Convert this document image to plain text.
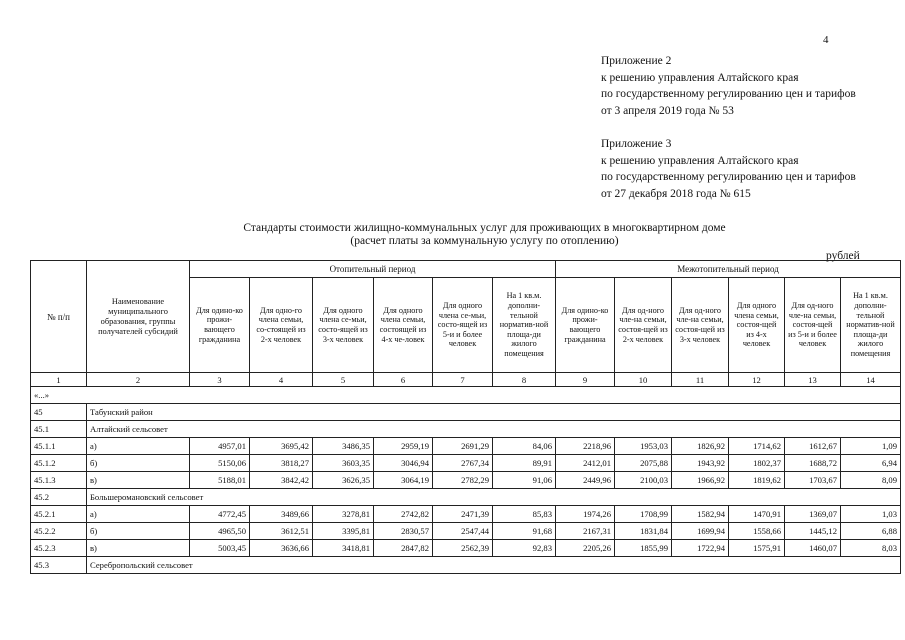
4
Приложение 2
к решению управления Алтайского края
по государственному регулированию цен и тарифов
от 3 апреля 2019 года № 53
Приложение 3
к решению управления Алтайского края
по государственному регулированию цен и тарифов
от 27 декабря 2018 года № 615
Стандарты стоимости жилищно-коммунальных услуг для проживающих в многоквартирном доме
(расчет платы за коммунальную услугу по отоплению)
рублей
№ п/п	Наименование муниципального образования, группы получателей субсидий	Отопительный период						Межотопительный период					
		Для одино-ко прожи-вающего гражданина	Для одно-го члена семьи, со-стоящей из 2-х человек	Для одного члена се-мьи, состо-ящей из 3-х человек	Для одного члена семьи, состоящей из 4-х че-ловек	Для одного члена се-мьи, состо-ящей из 5-и и более человек	На 1 кв.м. дополни-тельной норматив-ной площа-ди жилого помещения	Для одино-ко прожи-вающего гражданина	Для од-ного чле-на семьи, состоя-щей из 2-х человек	Для од-ного чле-на семьи, состоя-щей из 3-х человек	Для одного члена семьи, состоя-щей из 4-х человек	Для од-ного чле-на семьи, состоя-щей из 5-и и более человек	На 1 кв.м. дополни-тельной норматив-ной площа-ди жилого помещения
1	2	3	4	5	6	7	8	9	10	11	12	13	14
«...»													
45	Табунский район												
45.1	Алтайский сельсовет												
45.1.1	а)	4957,01	3695,42	3486,35	2959,19	2691,29	84,06	2218,96	1953,03	1826,92	1714,62	1612,67	1,09
45.1.2	б)	5150,06	3818,27	3603,35	3046,94	2767,34	89,91	2412,01	2075,88	1943,92	1802,37	1688,72	6,94
45.1.3	в)	5188,01	3842,42	3626,35	3064,19	2782,29	91,06	2449,96	2100,03	1966,92	1819,62	1703,67	8,09
45.2	Большеромановский сельсовет												
45.2.1	а)	4772,45	3489,66	3278,81	2742,82	2471,39	85,83	1974,26	1708,99	1582,94	1470,91	1369,07	1,03
45.2.2	б)	4965,50	3612,51	3395,81	2830,57	2547,44	91,68	2167,31	1831,84	1699,94	1558,66	1445,12	6,88
45.2.3	в)	5003,45	3636,66	3418,81	2847,82	2562,39	92,83	2205,26	1855,99	1722,94	1575,91	1460,07	8,03
45.3	Серебропольский сельсовет												
